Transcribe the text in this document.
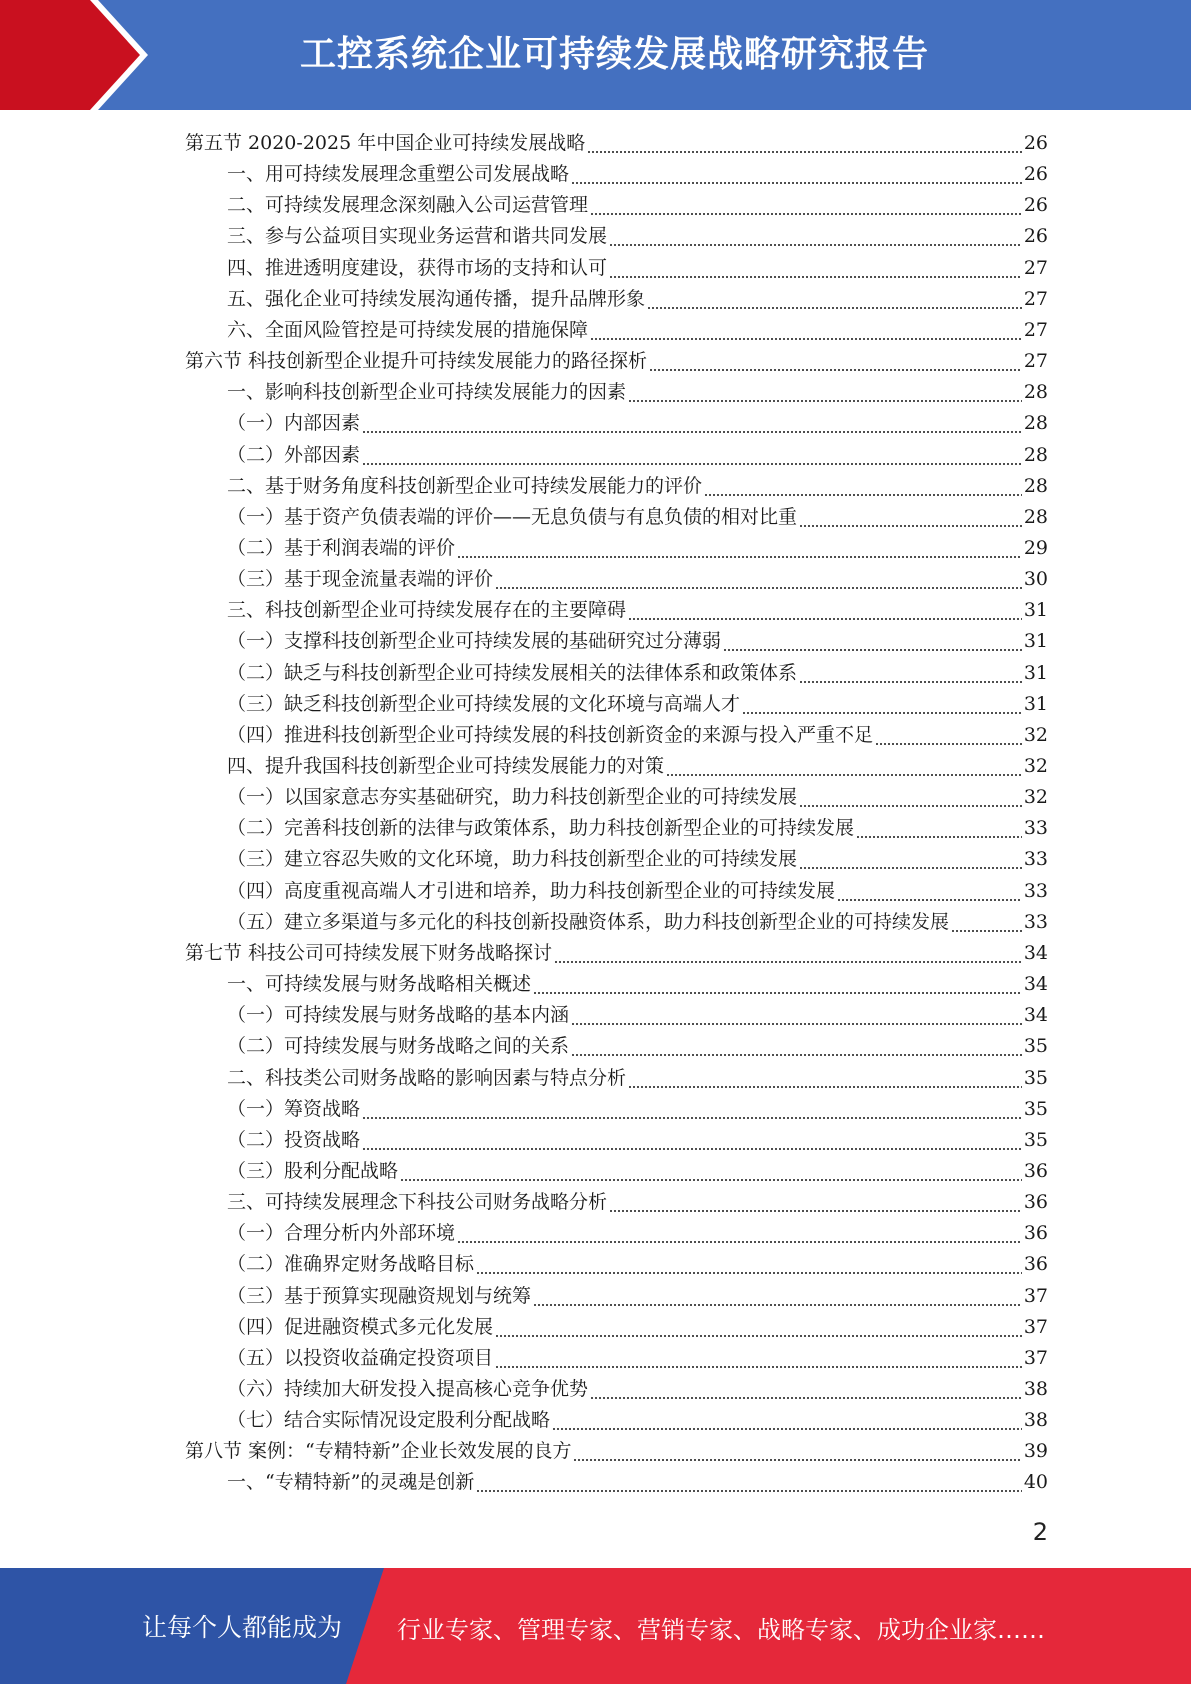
工控系统企业可持续发展战略研究报告
第五节 2020-2025 年中国企业可持续发展战略	26
一、用可持续发展理念重塑公司发展战略	26
二、可持续发展理念深刻融入公司运营管理	26
三、参与公益项目实现业务运营和谐共同发展	26
四、推进透明度建设，获得市场的支持和认可	27
五、强化企业可持续发展沟通传播，提升品牌形象	27
六、全面风险管控是可持续发展的措施保障	27
第六节 科技创新型企业提升可持续发展能力的路径探析	27
一、影响科技创新型企业可持续发展能力的因素	28
（一）内部因素	28
（二）外部因素	28
二、基于财务角度科技创新型企业可持续发展能力的评价	28
（一）基于资产负债表端的评价——无息负债与有息负债的相对比重	28
（二）基于利润表端的评价	29
（三）基于现金流量表端的评价	30
三、科技创新型企业可持续发展存在的主要障碍	31
（一）支撑科技创新型企业可持续发展的基础研究过分薄弱	31
（二）缺乏与科技创新型企业可持续发展相关的法律体系和政策体系	31
（三）缺乏科技创新型企业可持续发展的文化环境与高端人才	31
（四）推进科技创新型企业可持续发展的科技创新资金的来源与投入严重不足	32
四、提升我国科技创新型企业可持续发展能力的对策	32
（一）以国家意志夯实基础研究，助力科技创新型企业的可持续发展	32
（二）完善科技创新的法律与政策体系，助力科技创新型企业的可持续发展	33
（三）建立容忍失败的文化环境，助力科技创新型企业的可持续发展	33
（四）高度重视高端人才引进和培养，助力科技创新型企业的可持续发展	33
（五）建立多渠道与多元化的科技创新投融资体系，助力科技创新型企业的可持续发展	33
第七节 科技公司可持续发展下财务战略探讨	34
一、可持续发展与财务战略相关概述	34
（一）可持续发展与财务战略的基本内涵	34
（二）可持续发展与财务战略之间的关系	35
二、科技类公司财务战略的影响因素与特点分析	35
（一）筹资战略	35
（二）投资战略	35
（三）股利分配战略	36
三、可持续发展理念下科技公司财务战略分析	36
（一）合理分析内外部环境	36
（二）准确界定财务战略目标	36
（三）基于预算实现融资规划与统筹	37
（四）促进融资模式多元化发展	37
（五）以投资收益确定投资项目	37
（六）持续加大研发投入提高核心竞争优势	38
（七）结合实际情况设定股利分配战略	38
第八节 案例：“专精特新”企业长效发展的良方	39
一、“专精特新”的灵魂是创新	40
2
让每个人都能成为 行业专家、管理专家、营销专家、战略专家、成功企业家……
